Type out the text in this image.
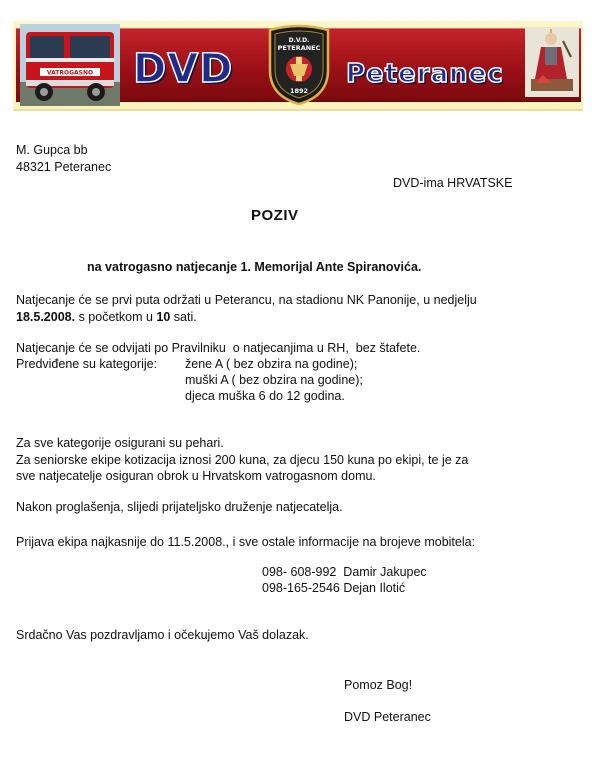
VATROGASNO DVD
D.V.D.
PETERANEC
1892
Peteranec
M. Gupca bb
48321 Peteranec
DVD-ima HRVATSKE
POZIV
na vatrogasno natjecanje 1. Memorijal Ante Spiranovića.
Natjecanje će se prvi puta održati u Peterancu, na stadionu NK Panonije, u nedjelju
18.5.2008. s početkom u 10 sati.
Natjecanje će se odvijati po Pravilniku  o natjecanjima u RH,  bez štafete.
Predviđene su kategorije: žene A ( bez obzira na godine);
muški A ( bez obzira na godine);
djeca muška 6 do 12 godina.
Za sve kategorije osigurani su pehari.
Za seniorske ekipe kotizacija iznosi 200 kuna, za djecu 150 kuna po ekipi, te je za
sve natjecatelje osiguran obrok u Hrvatskom vatrogasnom domu.
Nakon proglašenja, slijedi prijateljsko druženje natjecatelja.
Prijava ekipa najkasnije do 11.5.2008., i sve ostale informacije na brojeve mobitela:
098- 608-992  Damir Jakupec
098-165-2546 Dejan Ilotić
Srdačno Vas pozdravljamo i očekujemo Vaš dolazak.
Pomoz Bog!
DVD Peteranec
